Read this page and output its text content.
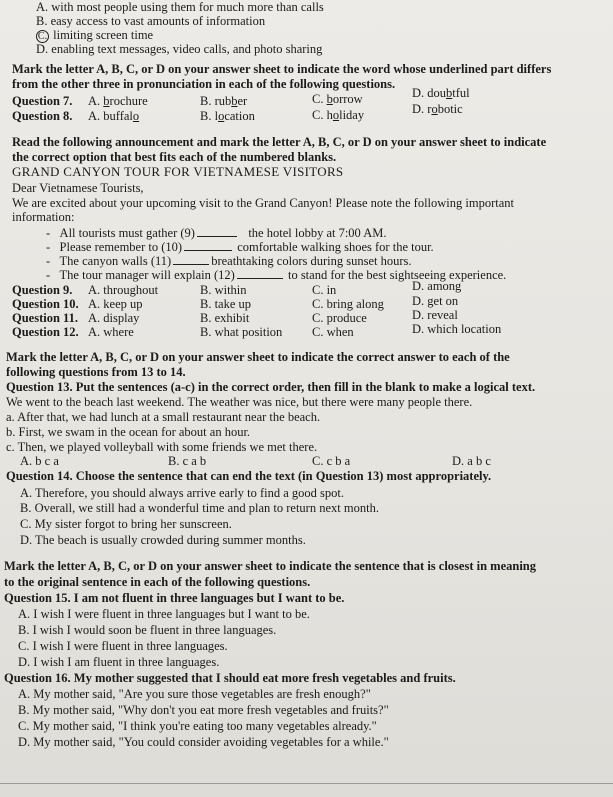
A. with most people using them for much more than calls
B. easy access to vast amounts of information
C. limiting screen time
D. enabling text messages, video calls, and photo sharing
Mark the letter A, B, C, or D on your answer sheet to indicate the word whose underlined part differs
from the other three in pronunciation in each of the following questions.
Question 7. A. brochure	B. rubber	C. borrow	D. doubtful
Question 8. A. buffalo	B. location	C. holiday	D. robotic
Read the following announcement and mark the letter A, B, C, or D on your answer sheet to indicate
the correct option that best fits each of the numbered blanks.
GRAND CANYON TOUR FOR VIETNAMESE VISITORS
Dear Vietnamese Tourists,
We are excited about your upcoming visit to the Grand Canyon! Please note the following important
information:
- All tourists must gather (9)	the hotel lobby at 7:00 AM.
- Please remember to (10)	comfortable walking shoes for the tour.
- The canyon walls (11)	breathtaking colors during sunset hours.
- The tour manager will explain (12)	to stand for the best sightseeing experience.
Question 9. A. throughout	B. within	C. in	D. among
Question 10. A. keep up	B. take up	C. bring along D. get on
Question 11. A. display	B. exhibit	C. produce	D. reveal
Question 12. A. where	B. what position C. when	D. which location
Mark the letter A, B, C, or D on your answer sheet to indicate the correct answer to each of the
following questions from 13 to 14.
Question 13. Put the sentences (a-c) in the correct order, then fill in the blank to make a logical text.
We went to the beach last weekend. The weather was nice, but there were many people there.
a. After that, we had lunch at a small restaurant near the beach.
b. First, we swam in the ocean for about an hour.
c. Then, we played volleyball with some friends we met there.
A. b c a	B. c a b	C. c b a	D. a b c
Question 14. Choose the sentence that can end the text (in Question 13) most appropriately.
A. Therefore, you should always arrive early to find a good spot.
B. Overall, we still had a wonderful time and plan to return next month.
C. My sister forgot to bring her sunscreen.
D. The beach is usually crowded during summer months.
Mark the letter A, B, C, or D on your answer sheet to indicate the sentence that is closest in meaning
to the original sentence in each of the following questions.
Question 15. I am not fluent in three languages but I want to be.
A. I wish I were fluent in three languages but I want to be.
B. I wish I would soon be fluent in three languages.
C. I wish I were fluent in three languages.
D. I wish I am fluent in three languages.
Question 16. My mother suggested that I should eat more fresh vegetables and fruits.
A. My mother said, "Are you sure those vegetables are fresh enough?"
B. My mother said, "Why don't you eat more fresh vegetables and fruits?"
C. My mother said, "I think you're eating too many vegetables already."
D. My mother said, "You could consider avoiding vegetables for a while."
